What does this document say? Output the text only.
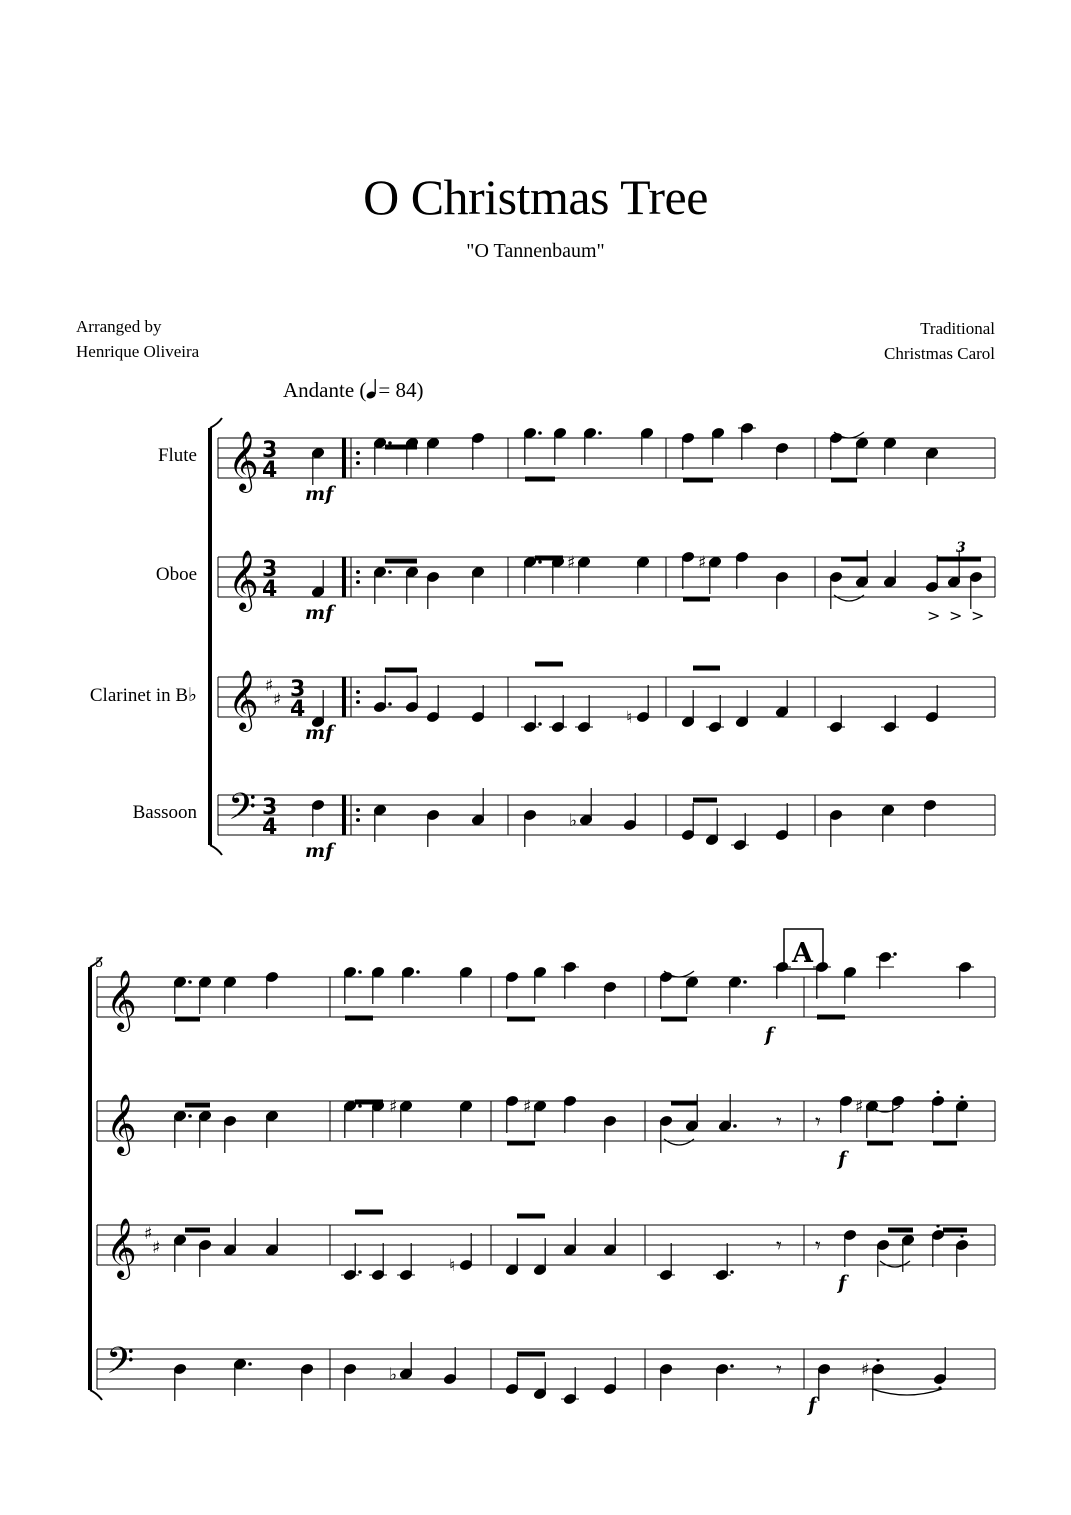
O Christmas Tree
"O Tannenbaum"
Arranged by
Henrique Oliveira
Traditional
Christmas Carol
Andante ( = 84)
Flute
Oboe
Clarinet in B♭
Bassoon
𝄞 3
4
𝄞 3
4
𝄞 3
4
𝄢 3
4
♯
♯
mf
mf
mf
mf
♯	♯
> > >
3
♮
♭
5
𝄞
𝄞
𝄞
𝄢
♯
♯
A
f
♯	♯
𝄾 𝄾
f
♯
♮
𝄾 𝄾
f
♭	𝄾
f
♯
